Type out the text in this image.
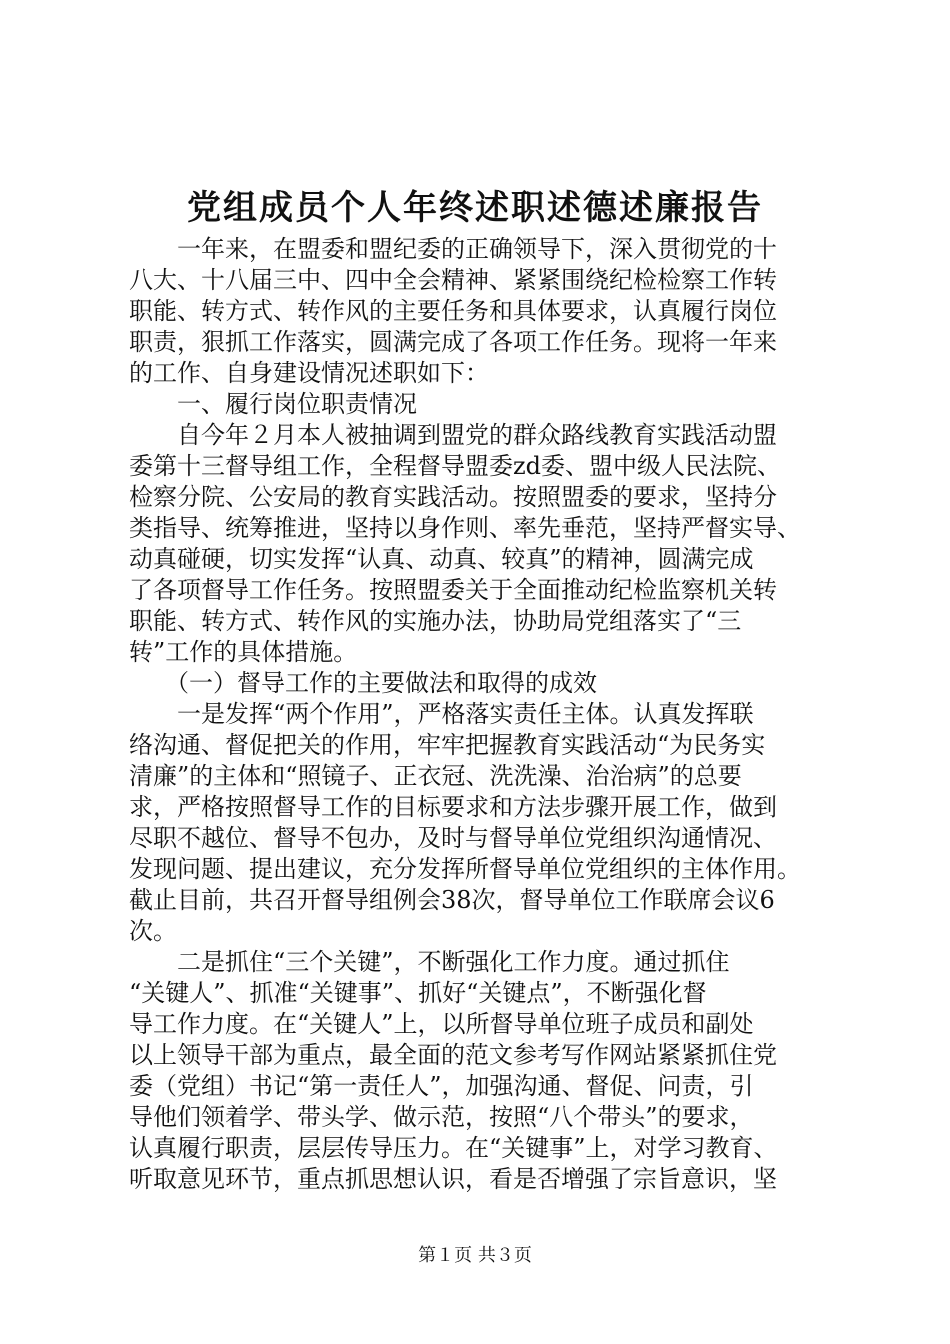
党组成员个人年终述职述德述廉报告
　　一年来，在盟委和盟纪委的正确领导下，深入贯彻党的十
八大、十八届三中、四中全会精神、紧紧围绕纪检检察工作转
职能、转方式、转作风的主要任务和具体要求，认真履行岗位
职责，狠抓工作落实，圆满完成了各项工作任务。现将一年来
的工作、自身建设情况述职如下：
　　一、履行岗位职责情况
　　自今年２月本人被抽调到盟党的群众路线教育实践活动盟
委第十三督导组工作，全程督导盟委zd委、盟中级人民法院、
检察分院、公安局的教育实践活动。按照盟委的要求，坚持分
类指导、统筹推进，坚持以身作则、率先垂范，坚持严督实导、
动真碰硬，切实发挥“认真、动真、较真”的精神，圆满完成
了各项督导工作任务。按照盟委关于全面推动纪检监察机关转
职能、转方式、转作风的实施办法，协助局党组落实了“三
转”工作的具体措施。
　　（一）督导工作的主要做法和取得的成效
　　一是发挥“两个作用”，严格落实责任主体。认真发挥联
络沟通、督促把关的作用，牢牢把握教育实践活动“为民务实
清廉”的主体和“照镜子、正衣冠、洗洗澡、治治病”的总要
求，严格按照督导工作的目标要求和方法步骤开展工作，做到
尽职不越位、督导不包办，及时与督导单位党组织沟通情况、
发现问题、提出建议，充分发挥所督导单位党组织的主体作用。
截止目前，共召开督导组例会38次，督导单位工作联席会议6
次。
　　二是抓住“三个关键”，不断强化工作力度。通过抓住
“关键人”、抓准“关键事”、抓好“关键点”，不断强化督
导工作力度。在“关键人”上，以所督导单位班子成员和副处
以上领导干部为重点，最全面的范文参考写作网站紧紧抓住党
委（党组）书记“第一责任人”，加强沟通、督促、问责，引
导他们领着学、带头学、做示范，按照“八个带头”的要求，
认真履行职责，层层传导压力。在“关键事”上，对学习教育、
听取意见环节，重点抓思想认识，看是否增强了宗旨意识，坚
第１页 共３页
